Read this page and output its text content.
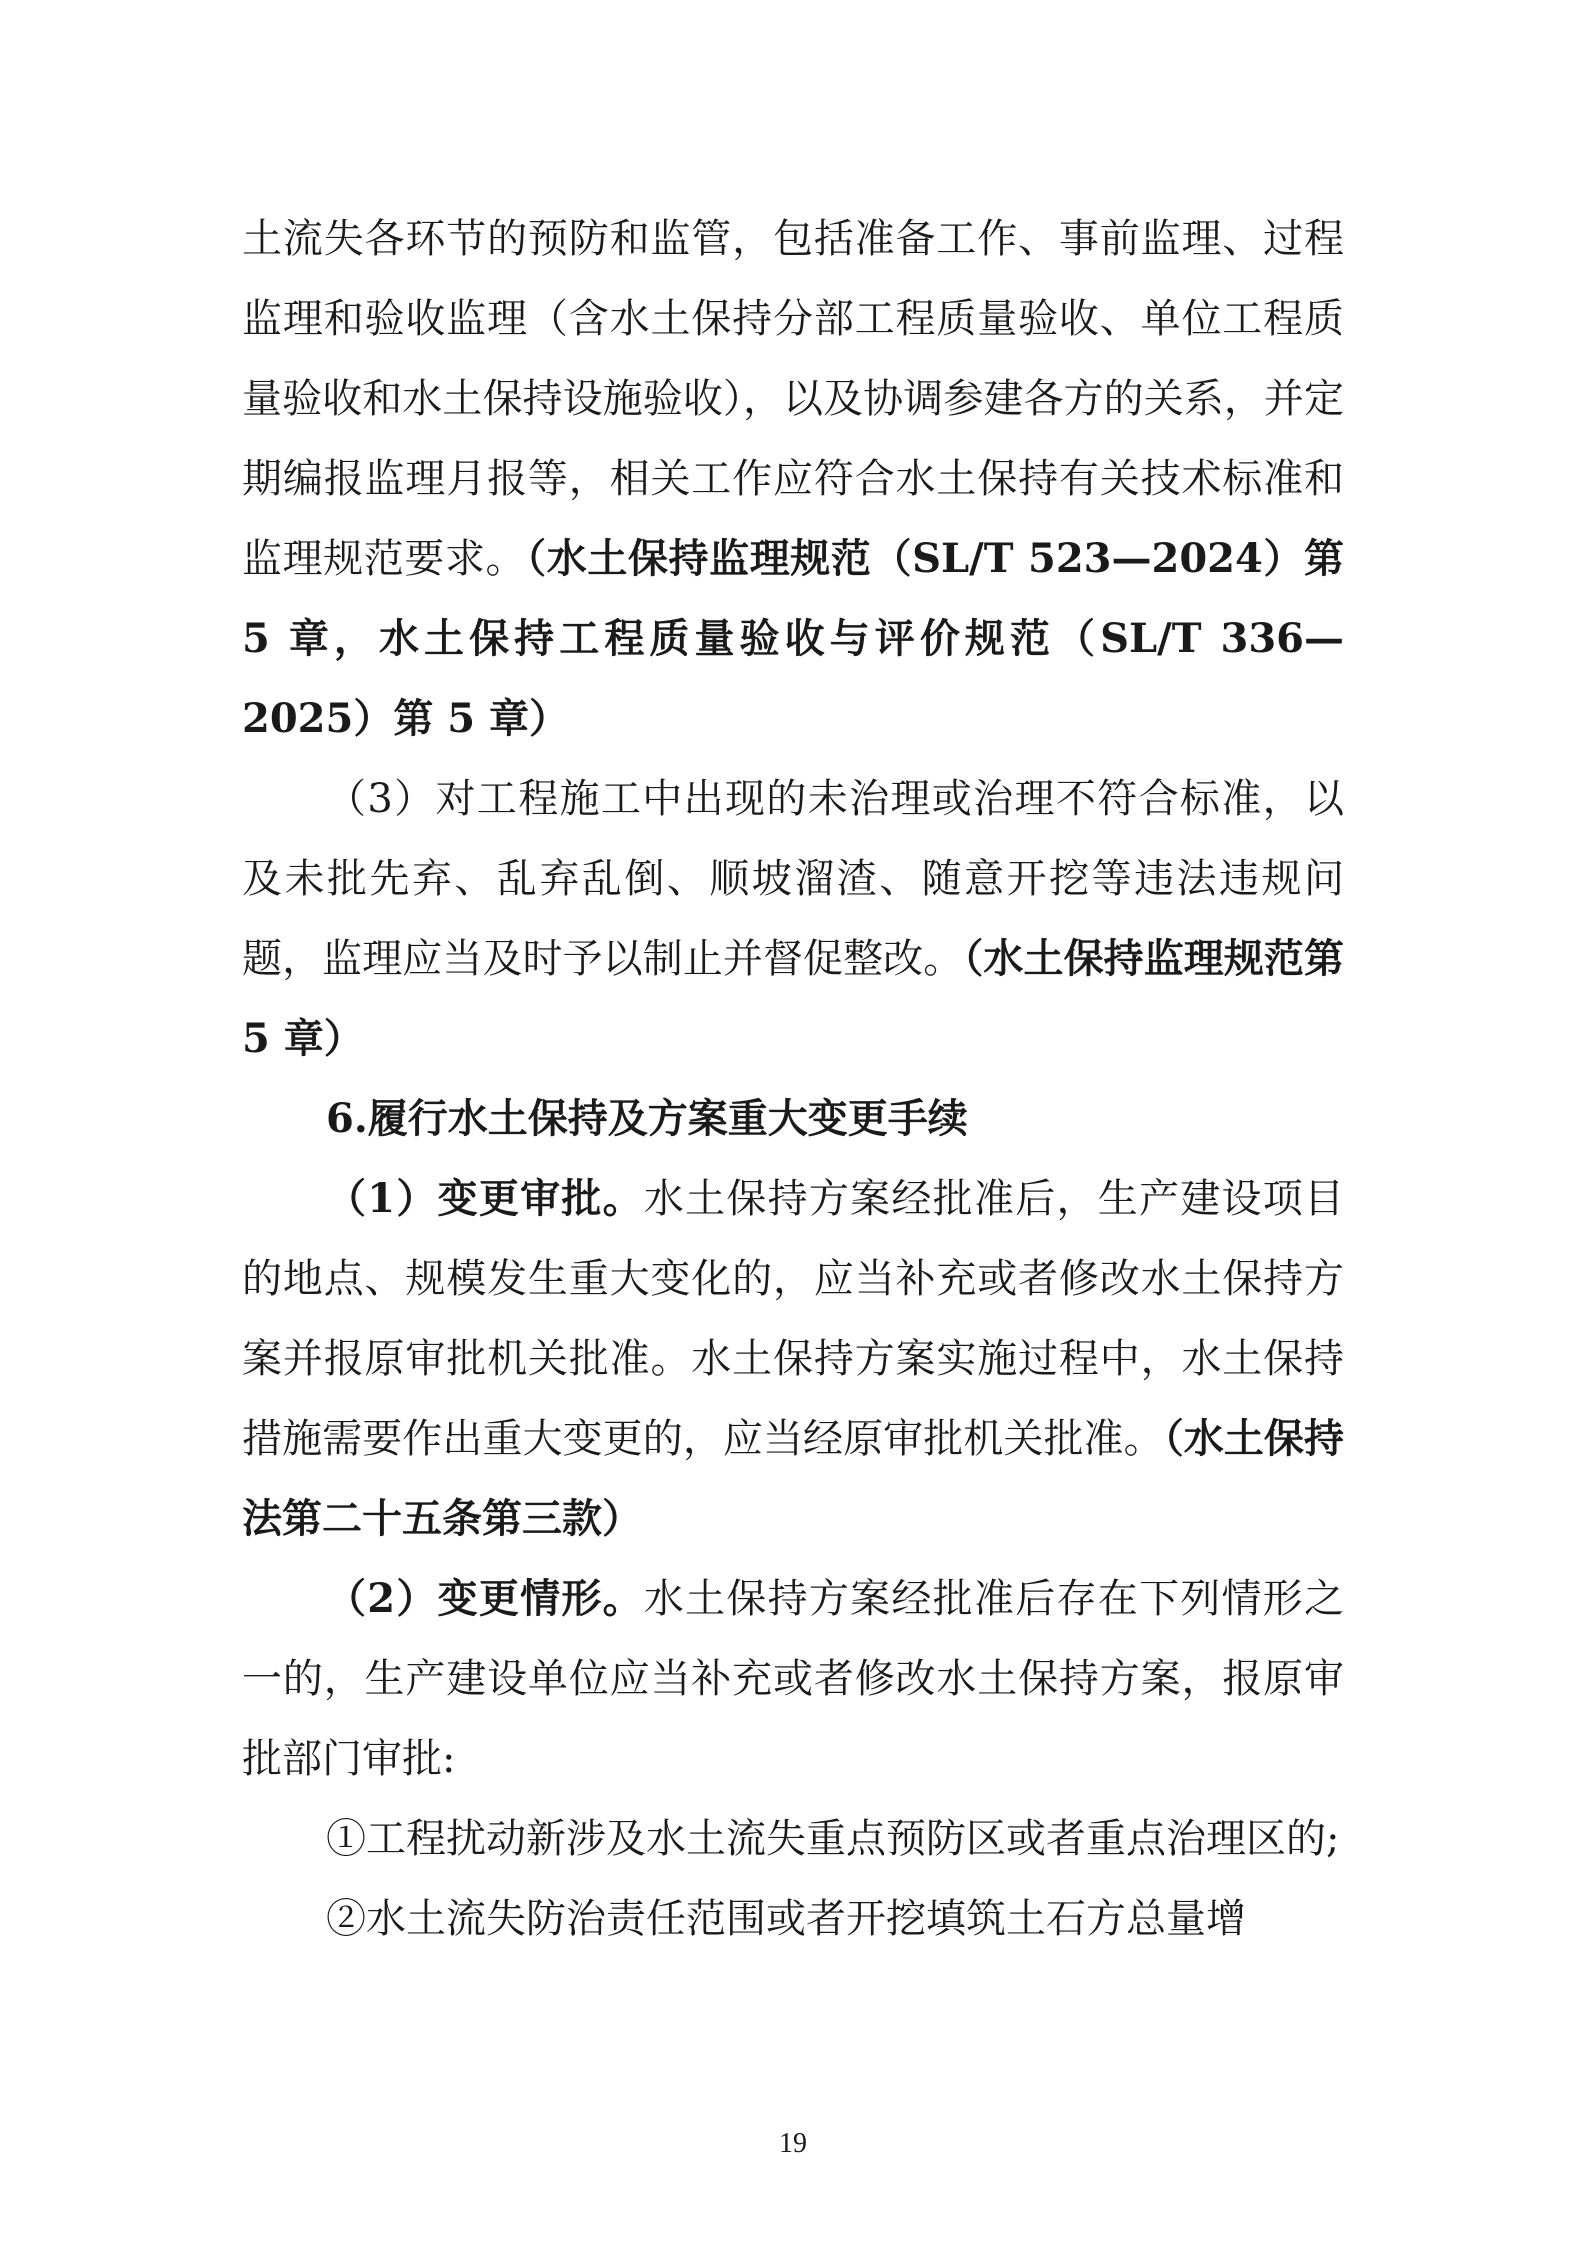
土流失各环节的预防和监管，包括准备工作、事前监理、过程监理和验收监理（含水土保持分部工程质量验收、单位工程质量验收和水土保持设施验收），以及协调参建各方的关系，并定期编报监理月报等，相关工作应符合水土保持有关技术标准和监理规范要求。（水土保持监理规范（SL/T 523—2024）第 5 章，水土保持工程质量验收与评价规范（SL/T 336—2025）第 5 章）

（3）对工程施工中出现的未治理或治理不符合标准，以及未批先弃、乱弃乱倒、顺坡溜渣、随意开挖等违法违规问题，监理应当及时予以制止并督促整改。（水土保持监理规范第 5 章）

6.履行水土保持及方案重大变更手续

（1）变更审批。水土保持方案经批准后，生产建设项目的地点、规模发生重大变化的，应当补充或者修改水土保持方案并报原审批机关批准。水土保持方案实施过程中，水土保持措施需要作出重大变更的，应当经原审批机关批准。（水土保持法第二十五条第三款）

（2）变更情形。水土保持方案经批准后存在下列情形之一的，生产建设单位应当补充或者修改水土保持方案，报原审批部门审批:

①工程扰动新涉及水土流失重点预防区或者重点治理区的;

②水土流失防治责任范围或者开挖填筑土石方总量增

19
